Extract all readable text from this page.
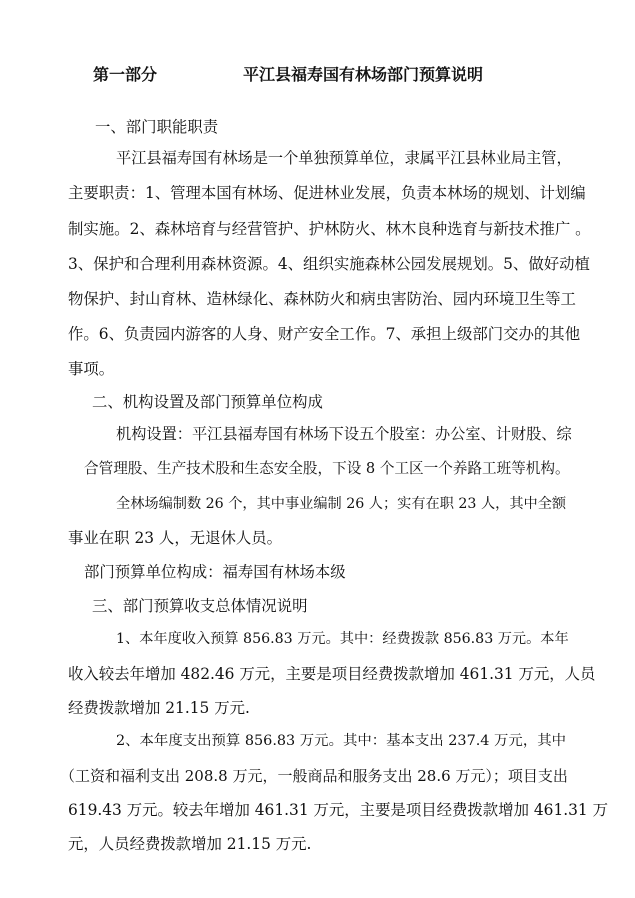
第一部分	平江县福寿国有林场部门预算说明
一、部门职能职责
平江县福寿国有林场是一个单独预算单位，隶属平江县林业局主管，
主要职责：1、管理本国有林场、促进林业发展，负责本林场的规划、计划编
制实施。2、森林培育与经营管护、护林防火、林木良种选育与新技术推广 。
3、保护和合理利用森林资源。4、组织实施森林公园发展规划。5、做好动植
物保护、封山育林、造林绿化、森林防火和病虫害防治、园内环境卫生等工
作。6、负责园内游客的人身、财产安全工作。7、承担上级部门交办的其他
事项。
二、机构设置及部门预算单位构成
机构设置：平江县福寿国有林场下设五个股室：办公室、计财股、综
合管理股、生产技术股和生态安全股，下设 8 个工区一个养路工班等机构。
全林场编制数 26 个，其中事业编制 26 人；实有在职 23 人，其中全额
事业在职 23 人，无退休人员。
部门预算单位构成：福寿国有林场本级
三、部门预算收支总体情况说明
1、本年度收入预算 856.83 万元。其中：经费拨款 856.83 万元。本年
收入较去年增加 482.46 万元，主要是项目经费拨款增加 461.31 万元，人员
经费拨款增加 21.15 万元.
2、本年度支出预算 856.83 万元。其中：基本支出 237.4 万元，其中
（工资和福利支出 208.8 万元，一般商品和服务支出 28.6 万元）；项目支出
619.43 万元。较去年增加 461.31 万元，主要是项目经费拨款增加 461.31 万
元，人员经费拨款增加 21.15 万元.
